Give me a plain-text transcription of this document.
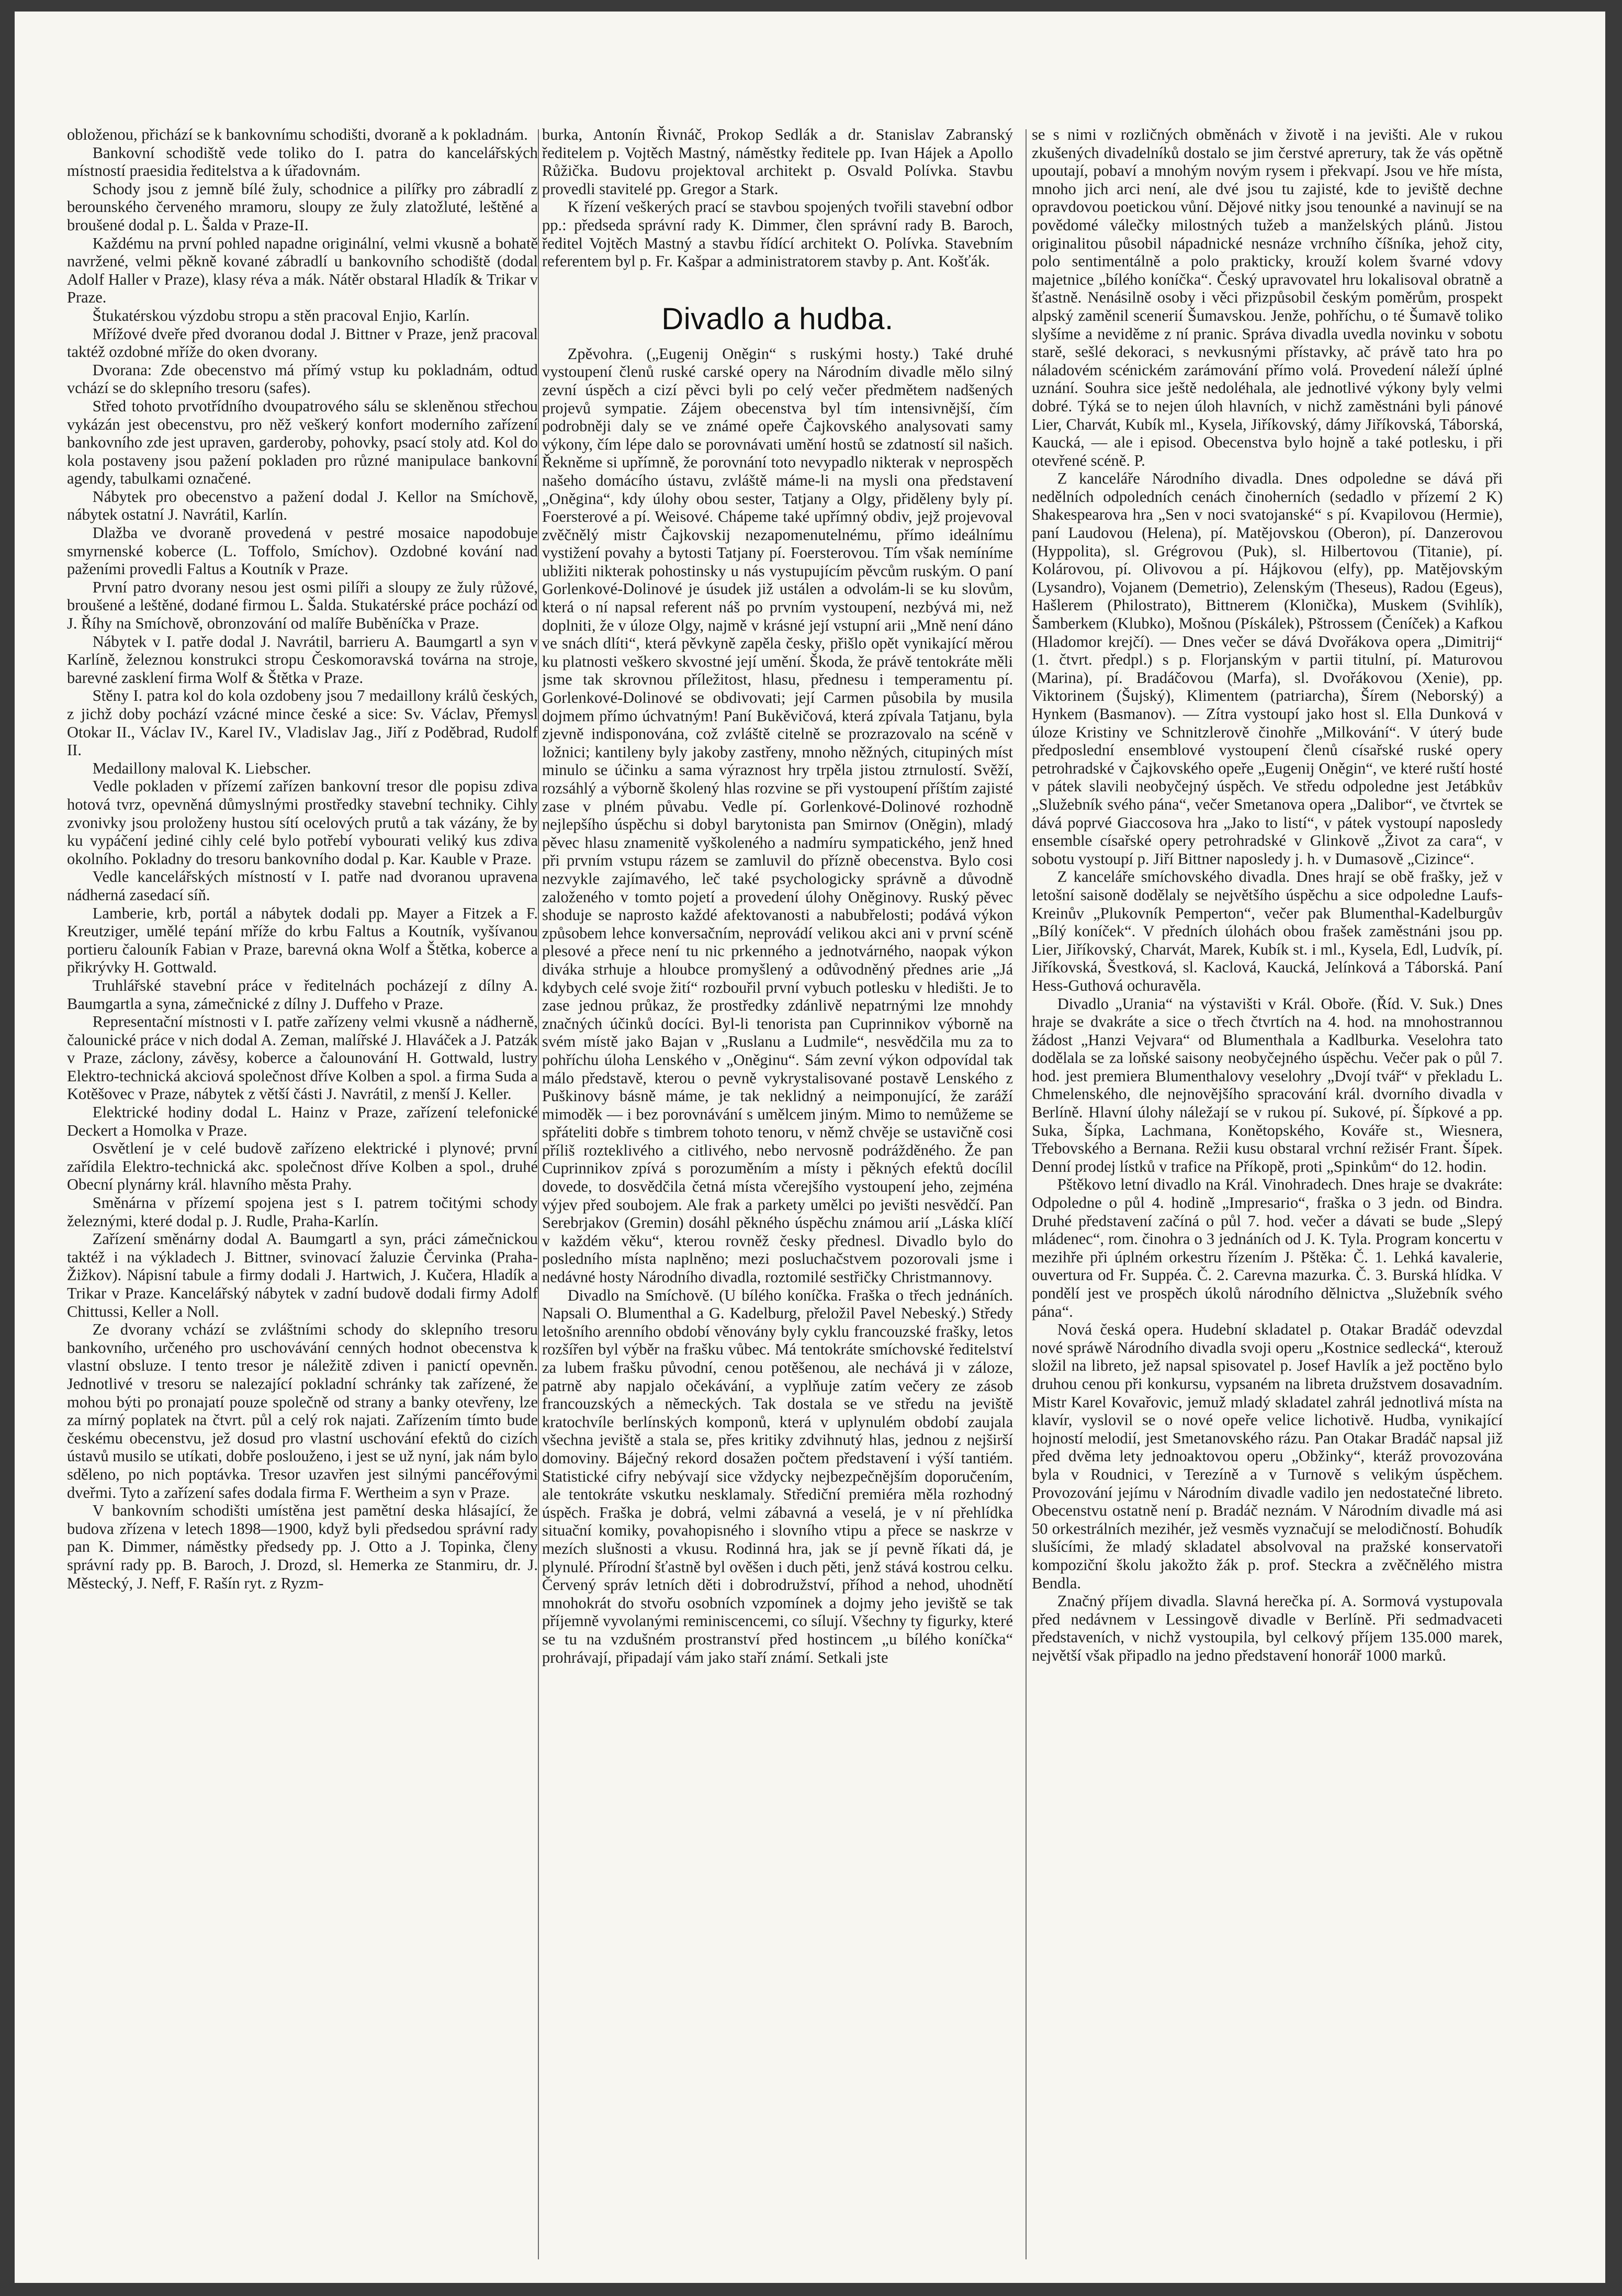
obloženou, přichází se k bankovnímu schodišti, dvoraně a k pokladnám.

Bankovní schodiště vede toliko do I. patra do kancelářských místností praesidia ředitelstva a k úřadovnám.

Schody jsou z jemně bílé žuly, schodnice a pilířky pro zábradlí z berounského červeného mramoru, sloupy ze žuly zlatožluté, leštěné a broušené dodal p. L. Šalda v Praze-II.

Každému na první pohled napadne originální, velmi vkusně a bohatě navržené, velmi pěkně kované zábradlí u bankovního schodiště (dodal Adolf Haller v Praze), klasy réva a mák. Nátěr obstaral Hladík & Trikar v Praze.

Štukatérskou výzdobu stropu a stěn pracoval Enjio, Karlín.

Mřížové dveře před dvoranou dodal J. Bittner v Praze, jenž pracoval taktéž ozdobné mříže do oken dvorany.

Dvorana: Zde obecenstvo má přímý vstup ku pokladnám, odtud vchází se do sklepního tresoru (safes).

Střed tohoto prvotřídního dvoupatrového sálu se skleněnou střechou vykázán jest obecenstvu, pro něž veškerý konfort moderního zařízení bankovního zde jest upraven, garderoby, pohovky, psací stoly atd. Kol do kola postaveny jsou pažení pokladen pro různé manipulace bankovní agendy, tabulkami označené.

Nábytek pro obecenstvo a pažení dodal J. Kellor na Smíchově, nábytek ostatní J. Navrátil, Karlín.

Dlažba ve dvoraně provedená v pestré mosaice napodobuje smyrnenské koberce (L. Toffolo, Smíchov). Ozdobné kování nad paženími provedli Faltus a Koutník v Praze.

První patro dvorany nesou jest osmi pilíři a sloupy ze žuly růžové, broušené a leštěné, dodané firmou L. Šalda. Stukatérské práce pochází od J. Říhy na Smíchově, obronzování od malíře Buběníčka v Praze.

Nábytek v I. patře dodal J. Navrátil, barrieru A. Baumgartl a syn v Karlíně, železnou konstrukci stropu Českomoravská továrna na stroje, barevné zasklení firma Wolf & Štětka v Praze.

Stěny I. patra kol do kola ozdobeny jsou 7 medaillony králů českých, z jichž doby pochází vzácné mince české a sice: Sv. Václav, Přemysl Otokar II., Václav IV., Karel IV., Vladislav Jag., Jiří z Poděbrad, Rudolf II.

Medaillony maloval K. Liebscher.

Vedle pokladen v přízemí zařízen bankovní tresor dle popisu zdiva hotová tvrz, opevněná důmyslnými prostředky stavební techniky. Cihly zvonivky jsou proloženy hustou sítí ocelových prutů a tak vázány, že by ku vypáčení jediné cihly celé bylo potřebí vybourati veliký kus zdiva okolního. Pokladny do tresoru bankovního dodal p. Kar. Kauble v Praze.

Vedle kancelářských místností v I. patře nad dvoranou upravena nádherná zasedací síň.

Lamberie, krb, portál a nábytek dodali pp. Mayer a Fitzek a F. Kreutziger, umělé tepání mříže do krbu Faltus a Koutník, vyšívanou portieru čalouník Fabian v Praze, barevná okna Wolf a Štětka, koberce a přikrývky H. Gottwald.

Truhlářské stavební práce v ředitelnách pocházejí z dílny A. Baumgartla a syna, zámečnické z dílny J. Duffeho v Praze.

Representační místnosti v I. patře zařízeny velmi vkusně a nádherně, čalounické práce v nich dodal A. Zeman, malířské J. Hlaváček a J. Patzák v Praze, záclony, závěsy, koberce a čalounování H. Gottwald, lustry Elektro-technická akciová společnost dříve Kolben a spol. a firma Suda a Kotěšovec v Praze, nábytek z větší části J. Navrátil, z menší J. Keller.

Elektrické hodiny dodal L. Hainz v Praze, zařízení telefonické Deckert a Homolka v Praze.

Osvětlení je v celé budově zařízeno elektrické i plynové; první zařídila Elektro-technická akc. společnost dříve Kolben a spol., druhé Obecní plynárny král. hlavního města Prahy.

Směnárna v přízemí spojena jest s I. patrem točitými schody železnými, které dodal p. J. Rudle, Praha-Karlín.

Zařízení směnárny dodal A. Baumgartl a syn, práci zámečnickou taktéž i na výkladech J. Bittner, svinovací žaluzie Červinka (Praha-Žižkov). Nápisní tabule a firmy dodali J. Hartwich, J. Kučera, Hladík a Trikar v Praze. Kancelářský nábytek v zadní budově dodali firmy Adolf Chittussi, Keller a Noll.

Ze dvorany vchází se zvláštními schody do sklepního tresoru bankovního, určeného pro uschovávání cenných hodnot obecenstva k vlastní obsluze. I tento tresor je náležitě zdiven i panictí opevněn. Jednotlivé v tresoru se nalezající pokladní schránky tak zařízené, že mohou býti po pronajatí pouze společně od strany a banky otevřeny, lze za mírný poplatek na čtvrt. půl a celý rok najati. Zařízením tímto bude českému obecenstvu, jež dosud pro vlastní uschování efektů do cizích ústavů musilo se utíkati, dobře poslouženo, i jest se už nyní, jak nám bylo sděleno, po nich poptávka. Tresor uzavřen jest silnými pancéřovými dveřmi. Tyto a zařízení safes dodala firma F. Wertheim a syn v Praze.

V bankovním schodišti umístěna jest pamětní deska hlásající, že budova zřízena v letech 1898—1900, když byli předsedou správní rady pan K. Dimmer, náměstky předsedy pp. J. Otto a J. Topinka, členy správní rady pp. B. Baroch, J. Drozd, sl. Hemerka ze Stanmiru, dr. J. Městecký, J. Neff, F. Rašín ryt. z Ryzm-

burka, Antonín Řivnáč, Prokop Sedlák a dr. Stanislav Zabranský ředitelem p. Vojtěch Mastný, náměstky ředitele pp. Ivan Hájek a Apollo Růžička. Budovu projektoval architekt p. Osvald Polívka. Stavbu provedli stavitelé pp. Gregor a Stark.

K řízení veškerých prací se stavbou spojených tvořili stavební odbor pp.: předseda správní rady K. Dimmer, člen správní rady B. Baroch, ředitel Vojtěch Mastný a stavbu řídící architekt O. Polívka. Stavebním referentem byl p. Fr. Kašpar a administratorem stavby p. Ant. Košťák.

Divadlo a hudba.

Zpěvohra. („Eugenij Oněgin“ s ruskými hosty.) Také druhé vystoupení členů ruské carské opery na Národním divadle mělo silný zevní úspěch a cizí pěvci byli po celý večer předmětem nadšených projevů sympatie. Zájem obecenstva byl tím intensivnější, čím podrobněji daly se ve známé opeře Čajkovského analysovati samy výkony, čím lépe dalo se porovnávati umění hostů se zdatností sil našich. Řekněme si upřímně, že porovnání toto nevypadlo nikterak v neprospěch našeho domácího ústavu, zvláště máme-li na mysli ona představení „Oněgina“, kdy úlohy obou sester, Tatjany a Olgy, přiděleny byly pí. Foersterové a pí. Weisové. Chápeme také upřímný obdiv, jejž projevoval zvěčnělý mistr Čajkovskij nezapomenutelnému, přímo ideálnímu vystižení povahy a bytosti Tatjany pí. Foersterovou. Tím však nemíníme ubližiti nikterak pohostinsky u nás vystupujícím pěvcům ruským. O paní Gorlenkové-Dolinové je úsudek již ustálen a odvolám-li se ku slovům, která o ní napsal referent náš po prvním vystoupení, nezbývá mi, než doplniti, že v úloze Olgy, najmě v krásné její vstupní arii „Mně není dáno ve snách dlíti“, která pěvkyně zapěla česky, přišlo opět vynikající měrou ku platnosti veškero skvostné její umění. Škoda, že právě tentokráte měli jsme tak skrovnou příležitost, hlasu, přednesu i temperamentu pí. Gorlenkové-Dolinové se obdivovati; její Carmen působila by musila dojmem přímo úchvatným! Paní Bukěvičová, která zpívala Tatjanu, byla zjevně indisponována, což zvláště citelně se prozrazovalo na scéně v ložnici; kantileny byly jakoby zastřeny, mnoho něžných, citupiných míst minulo se účinku a sama výraznost hry trpěla jistou ztrnulostí. Svěží, rozsáhlý a výborně školený hlas rozvine se při vystoupení příštím zajisté zase v plném půvabu. Vedle pí. Gorlenkové-Dolinové rozhodně nejlepšího úspěchu si dobyl barytonista pan Smirnov (Oněgin), mladý pěvec hlasu znamenitě vyškoleného a nadmíru sympatického, jenž hned při prvním vstupu rázem se zamluvil do přízně obecenstva. Bylo cosi nezvykle zajímavého, leč také psychologicky správně a důvodně založeného v tomto pojetí a provedení úlohy Oněginovy. Ruský pěvec shoduje se naprosto každé afektovanosti a nabubřelosti; podává výkon způsobem lehce konversačním, neprovádí velikou akci ani v první scéně plesové a přece není tu nic prkenného a jednotvárného, naopak výkon divákа strhuje a hloubce promyšlený a odůvodněný přednes arie „Já kdybych celé svoje žití“ rozbouřil první vybuch potlesku v hledišti. Je to zase jednou průkaz, že prostředky zdánlivě nepatrnými lze mnohdy značných účinků docíci. Byl-li tenorista pan Cuprinnikov výborně na svém místě jako Bajan v „Ruslanu a Ludmile“, nesvědčila mu za to pohříchu úloha Lenského v „Oněginu“. Sám zevní výkon odpovídal tak málo představě, kterou o pevně vykrystalisované postavě Lenského z Puškinovy básně máme, je tak neklidný a neimponující, že zaráží mimoděk — i bez porovnávání s umělcem jiným. Mimo to nemůžeme se spřáteliti dobře s timbrem tohoto tenoru, v němž chvěje se ustavičně cosi příliš rozteklivého a citlivého, nebo nervosně podrážděného. Že pan Cuprinnikov zpívá s porozuměním a místy i pěkných efektů docílil dovede, to dosvědčila četná místa včerejšího vystoupení jeho, zejména výjev před soubojem. Ale frak a parkety umělci po jevišti nesvědčí. Pan Serebrjakov (Gremin) dosáhl pěkného úspěchu známou arií „Láska klíčí v každém věku“, kterou rovněž česky přednesl. Divadlo bylo do posledního místa naplněno; mezi posluchačstvem pozorovali jsme i nedávné hosty Národního divadla, roztomilé sestřičky Christmannovy.

Divadlo na Smíchově. (U bílého koníčka. Fraška o třech jednáních. Napsali O. Blumenthal a G. Kadelburg, přeložil Pavel Nebeský.) Středy letošního arenního období věnovány byly cyklu francouzské frašky, letos rozšířen byl výběr na frašku vůbec. Má tentokráte smíchovské ředitelství za lubem frašku původní, cenou potěšenou, ale nechává ji v záloze, patrně aby napjalo očekávání, a vyplňuje zatím večery ze zásob francouzských a německých. Tak dostala se ve středu na jeviště kratochvíle berlínských komponů, která v uplynulém období zaujala všechna jeviště a stala se, přes kritiky zdvihnutý hlas, jednou z nejširší domoviny. Báječný rekord dosažen počtem představení i výší tantiém. Statistické cifry nebývají sice vždycky nejbezpečnějším doporučením, ale tentokráte vskutku nesklamaly. Střediční premiéra měla rozhodný úspěch. Fraška je dobrá, velmi zábavná a veselá, je v ní přehlídka situační komiky, povahopisného i slovního vtipu a přece se naskrze v mezích slušnosti a vkusu. Rodinná hra, jak se jí pevně říkati dá, je plynulé. Přírodní šťastně byl ověšen i duch pěti, jenž stává kostrou celku. Červený správ letních děti i dobrodružství, příhod a nehod, uhodnětí mnohokrát do stvořu osobních vzpomínek a dojmy jeho jeviště se tak příjemně vyvolanými reminiscencemi, co sílují. Všechny ty figurky, které se tu na vzdušném prostranství před hostincem „u bílého koníčka“ prohrávají, připadají vám jako staří známí. Setkali jste

se s nimi v rozličných obměnách v životě i na jevišti. Ale v rukou zkušených divadelníků dostalo se jim čerstvé aprетury, tak že vás opětně upoutají, pobaví a mnohým novým rysem i překvapí. Jsou ve hře místa, mnoho jich arci není, ale dvé jsou tu zajisté, kde to jeviště dechne opravdovou poetickou vůní. Dějové nitky jsou tenounké a navinují se na povědomé válečky milostných tužeb a manželských plánů. Jistou originalitou působil nápadnické nesnáze vrchního číšníka, jehož city, polo sentimentálně a polo prakticky, krouží kolem švarné vdovy majetnice „bílého koníčka“. Český upravovatel hru lokalisoval obratně a šťastně. Nenásilně osoby i věci přizpůsobil českým poměrům, prospekt alpský zaměnil scenerií Šumavskou. Jenže, pohříchu, o té Šumavě toliko slyšíme a neviděme z ní pranic. Správa divadla uvedla novinku v sobotu starě, sešlé dekoraci, s nevkusnými přístavky, ač právě tato hra po náladovém scénickém zarámování přímo volá. Provedení náleží úplné uznání. Souhra sice ještě nedoléhala, ale jednotlivé výkony byly velmi dobré. Týká se to nejen úloh hlavních, v nichž zaměstnáni byli pánové Lier, Charvát, Kubík ml., Kysela, Jiříkovský, dámy Jiříkovská, Táborská, Kaucká, — ale i episod. Obecenstva bylo hojně a také potlesku, i při otevřené scéně. P.

Z kanceláře Národního divadla. Dnes odpoledne se dává při nedělních odpoledních cenách činoherních (sedadlo v přízemí 2 K) Shakespearova hra „Sen v noci svatojanské“ s pí. Kvapilovou (Hermie), paní Laudovou (Helena), pí. Matějovskou (Oberon), pí. Danzerovou (Hyppolita), sl. Grégrovou (Puk), sl. Hilbertovou (Titanie), pí. Kolárovou, pí. Olivovou a pí. Hájkovou (elfy), pp. Matějovským (Lysandro), Vojanem (Demetrio), Zelenským (Theseus), Radou (Egeus), Hašlerem (Philostrato), Bittnerem (Klonička), Muskem (Svihlík), Šamberkem (Klubko), Mošnou (Pískálek), Pštrossem (Čeníček) a Kafkou (Hladomor krejčí). — Dnes večer se dává Dvořákova opera „Dimitrij“ (1. čtvrt. předpl.) s p. Florjanským v partii titulní, pí. Maturovou (Marina), pí. Bradáčovou (Marfa), sl. Dvořákovou (Xenie), pp. Viktorinem (Šujský), Klimentem (patriarcha), Šírem (Neborský) a Hynkem (Basmanov). — Zítra vystoupí jako host sl. Ella Dunková v úloze Kristiny ve Schnitzlerově činohře „Milkování“. V úterý bude předposlední ensemblové vystoupení členů císařské ruské opery petrohradské v Čajkovského opeře „Eugenij Oněgin“, ve které ruští hosté v pátek slavili neobyčejný úspěch. Ve středu odpoledne jest Jetábkův „Služebník svého pána“, večer Smetanova opera „Dalibor“, ve čtvrtek se dává poprvé Giaccosova hra „Jako to listí“, v pátek vystoupí naposledy ensemble císařské opery petrohradské v Glinkově „Život za cara“, v sobotu vystoupí p. Jiří Bittner naposledy j. h. v Dumasově „Cizince“.

Z kanceláře smíchovského divadla. Dnes hrají se obě frašky, jež v letošní saisoně dodělaly se největšího úspěchu a sice odpoledne Laufs-Kreinův „Plukovník Pemperton“, večer pak Blumenthal-Kadelburgův „Bílý koníček“. V předních úlohách obou frašek zaměstnáni jsou pp. Lier, Jiříkovský, Charvát, Marek, Kubík st. i ml., Kysela, Edl, Ludvík, pí. Jiříkovská, Švestková, sl. Kaclová, Kaucká, Jelínková a Táborská. Paní Hess-Guthová ochuravěla.

Divadlo „Urania“ na výstavišti v Král. Oboře. (Říd. V. Suk.) Dnes hraje se dvakráte a sice o třech čtvrtích na 4. hod. na mnohostrannou žádost „Hanzi Vejvara“ od Blumenthala a Kadlburka. Veselohra tato dodělala se za loňské saisony neobyčejného úspěchu. Večer pak o půl 7. hod. jest premiera Blumenthalovy veselohry „Dvojí tvář“ v překladu L. Chmelenského, dle nejnovějšího spracování král. dvorního divadla v Berlíně. Hlavní úlohy náležají se v rukou pí. Sukové, pí. Šípkové a pp. Suka, Šípka, Lachmana, Konětopského, Kováře st., Wiesnera, Třebovského a Bernana. Režii kusu obstaral vrchní režisér Frant. Šípek. Denní prodej lístků v trafice na Příkopě, proti „Spinkům“ do 12. hodin.

Pštěkovo letní divadlo na Král. Vinohradech. Dnes hraje se dvakráte: Odpoledne o půl 4. hodině „Impresario“, fraška o 3 jedn. od Bindra. Druhé představení začíná o půl 7. hod. večer a dávati se bude „Slepý mládenec“, rom. činohra o 3 jednáních od J. K. Tyla. Program koncertu v mezihře při úplném orkestru řízením J. Pštěka: Č. 1. Lehká kavalerie, ouvertura od Fr. Suppéa. Č. 2. Carevna mazurka. Č. 3. Burská hlídka. V pondělí jest ve prospěch úkolů národního dělnictva „Služebník svého pána“.

Nová česká opera. Hudební skladatel p. Otakar Bradáč odevzdal nové spráwě Národního divadla svoji operu „Kostnice sedlecká“, kterouž složil na libreto, jež napsal spisovatel p. Josef Havlík a jež poctěno bylo druhou cenou při konkursu, vypsaném na libreta družstvem dosavadním. Mistr Karel Kovařovic, jemuž mladý skladatel zahrál jednotlivá místa na klavír, vyslovil se o nové opeře velice lichotivě. Hudba, vynikající hojností melodií, jest Smetanovského rázu. Pan Otakar Bradáč napsal již před dvěma lety jednoaktovou operu „Obžinky“, kteráž provozována byla v Roudnici, v Terezíně a v Turnově s velikým úspěchem. Provozování jejímu v Národním divadle vadilo jen nedostatečné libreto. Obecenstvu ostatně není p. Bradáč neznám. V Národním divadle má asi 50 orkestrálních mezihér, jež vesměs vyznačují se melodičností. Bohudík slušícími, že mladý skladatel absolvoval na pražské konservatoři kompoziční školu jakožto žák p. prof. Steckra a zvěčnělého mistra Bendla.

Značný příjem divadla. Slavná herečka pí. A. Sormová vystupovala před nedávnem v Lessingově divadle v Berlíně. Při sedmadvaceti představeních, v nichž vystoupila, byl celkový příjem 135.000 marek, největší však připadlo na jedno představení honorář 1000 marků.
